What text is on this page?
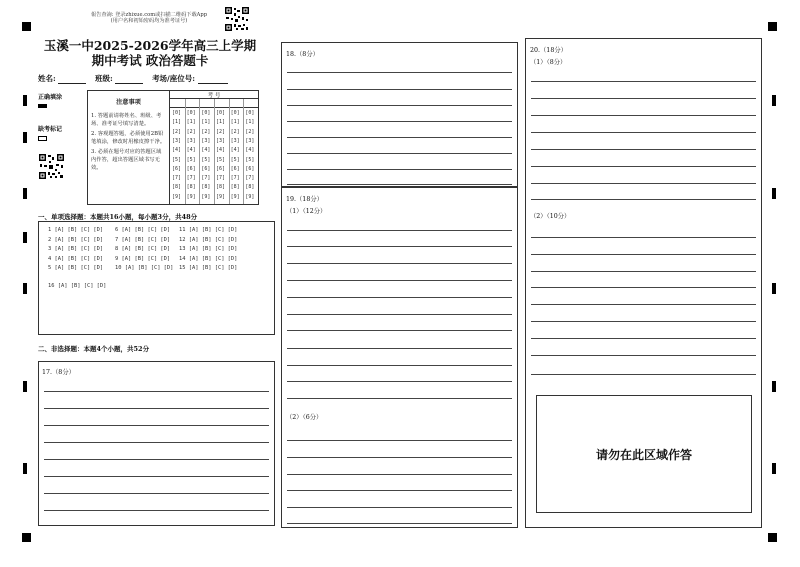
報告查詢: 登录zhixue.com或扫描二维码下载App
(用户名和初始密码均为准考证号)
玉溪一中2025-2026学年高三上学期
期中考试 政治答题卡
姓名:	班级:	考场/座位号:
正确填涂
缺考标记
注意事项
1. 答题前请将姓名、班级、考场、准考证号填写清楚。
2. 客观题答题，必须使用2B铅笔填涂，修改时用橡皮擦干净。
3. 必须在题号对应的答题区域内作答，超出答题区域书写无效。
考 号
[0]
[1]
[2]
[3]
[4]
[5]
[6]
[7]
[8]
[9]
[0]
[1]
[2]
[3]
[4]
[5]
[6]
[7]
[8]
[9]
[0]
[1]
[2]
[3]
[4]
[5]
[6]
[7]
[8]
[9]
[0]
[1]
[2]
[3]
[4]
[5]
[6]
[7]
[8]
[9]
[0]
[1]
[2]
[3]
[4]
[5]
[6]
[7]
[8]
[9]
[0]
[1]
[2]
[3]
[4]
[5]
[6]
[7]
[8]
[9]
一、单项选择题：本题共16小题，每小题3分，共48分
1 [A] [B] [C] [D] 6 [A] [B] [C] [D] 11 [A] [B] [C] [D]
2 [A] [B] [C] [D] 7 [A] [B] [C] [D] 12 [A] [B] [C] [D]
3 [A] [B] [C] [D] 8 [A] [B] [C] [D] 13 [A] [B] [C] [D]
4 [A] [B] [C] [D] 9 [A] [B] [C] [D] 14 [A] [B] [C] [D]
5 [A] [B] [C] [D] 10 [A] [B] [C] [D] 15 [A] [B] [C] [D]
16 [A] [B] [C] [D]
二、非选择题：本题4个小题，共52分
17.（8分）
18.（8分）
19.（18分）
（1）（12分）
（2）（6分）
20.（18分）
（1）（8分）
（2）（10分）
请勿在此区域作答
